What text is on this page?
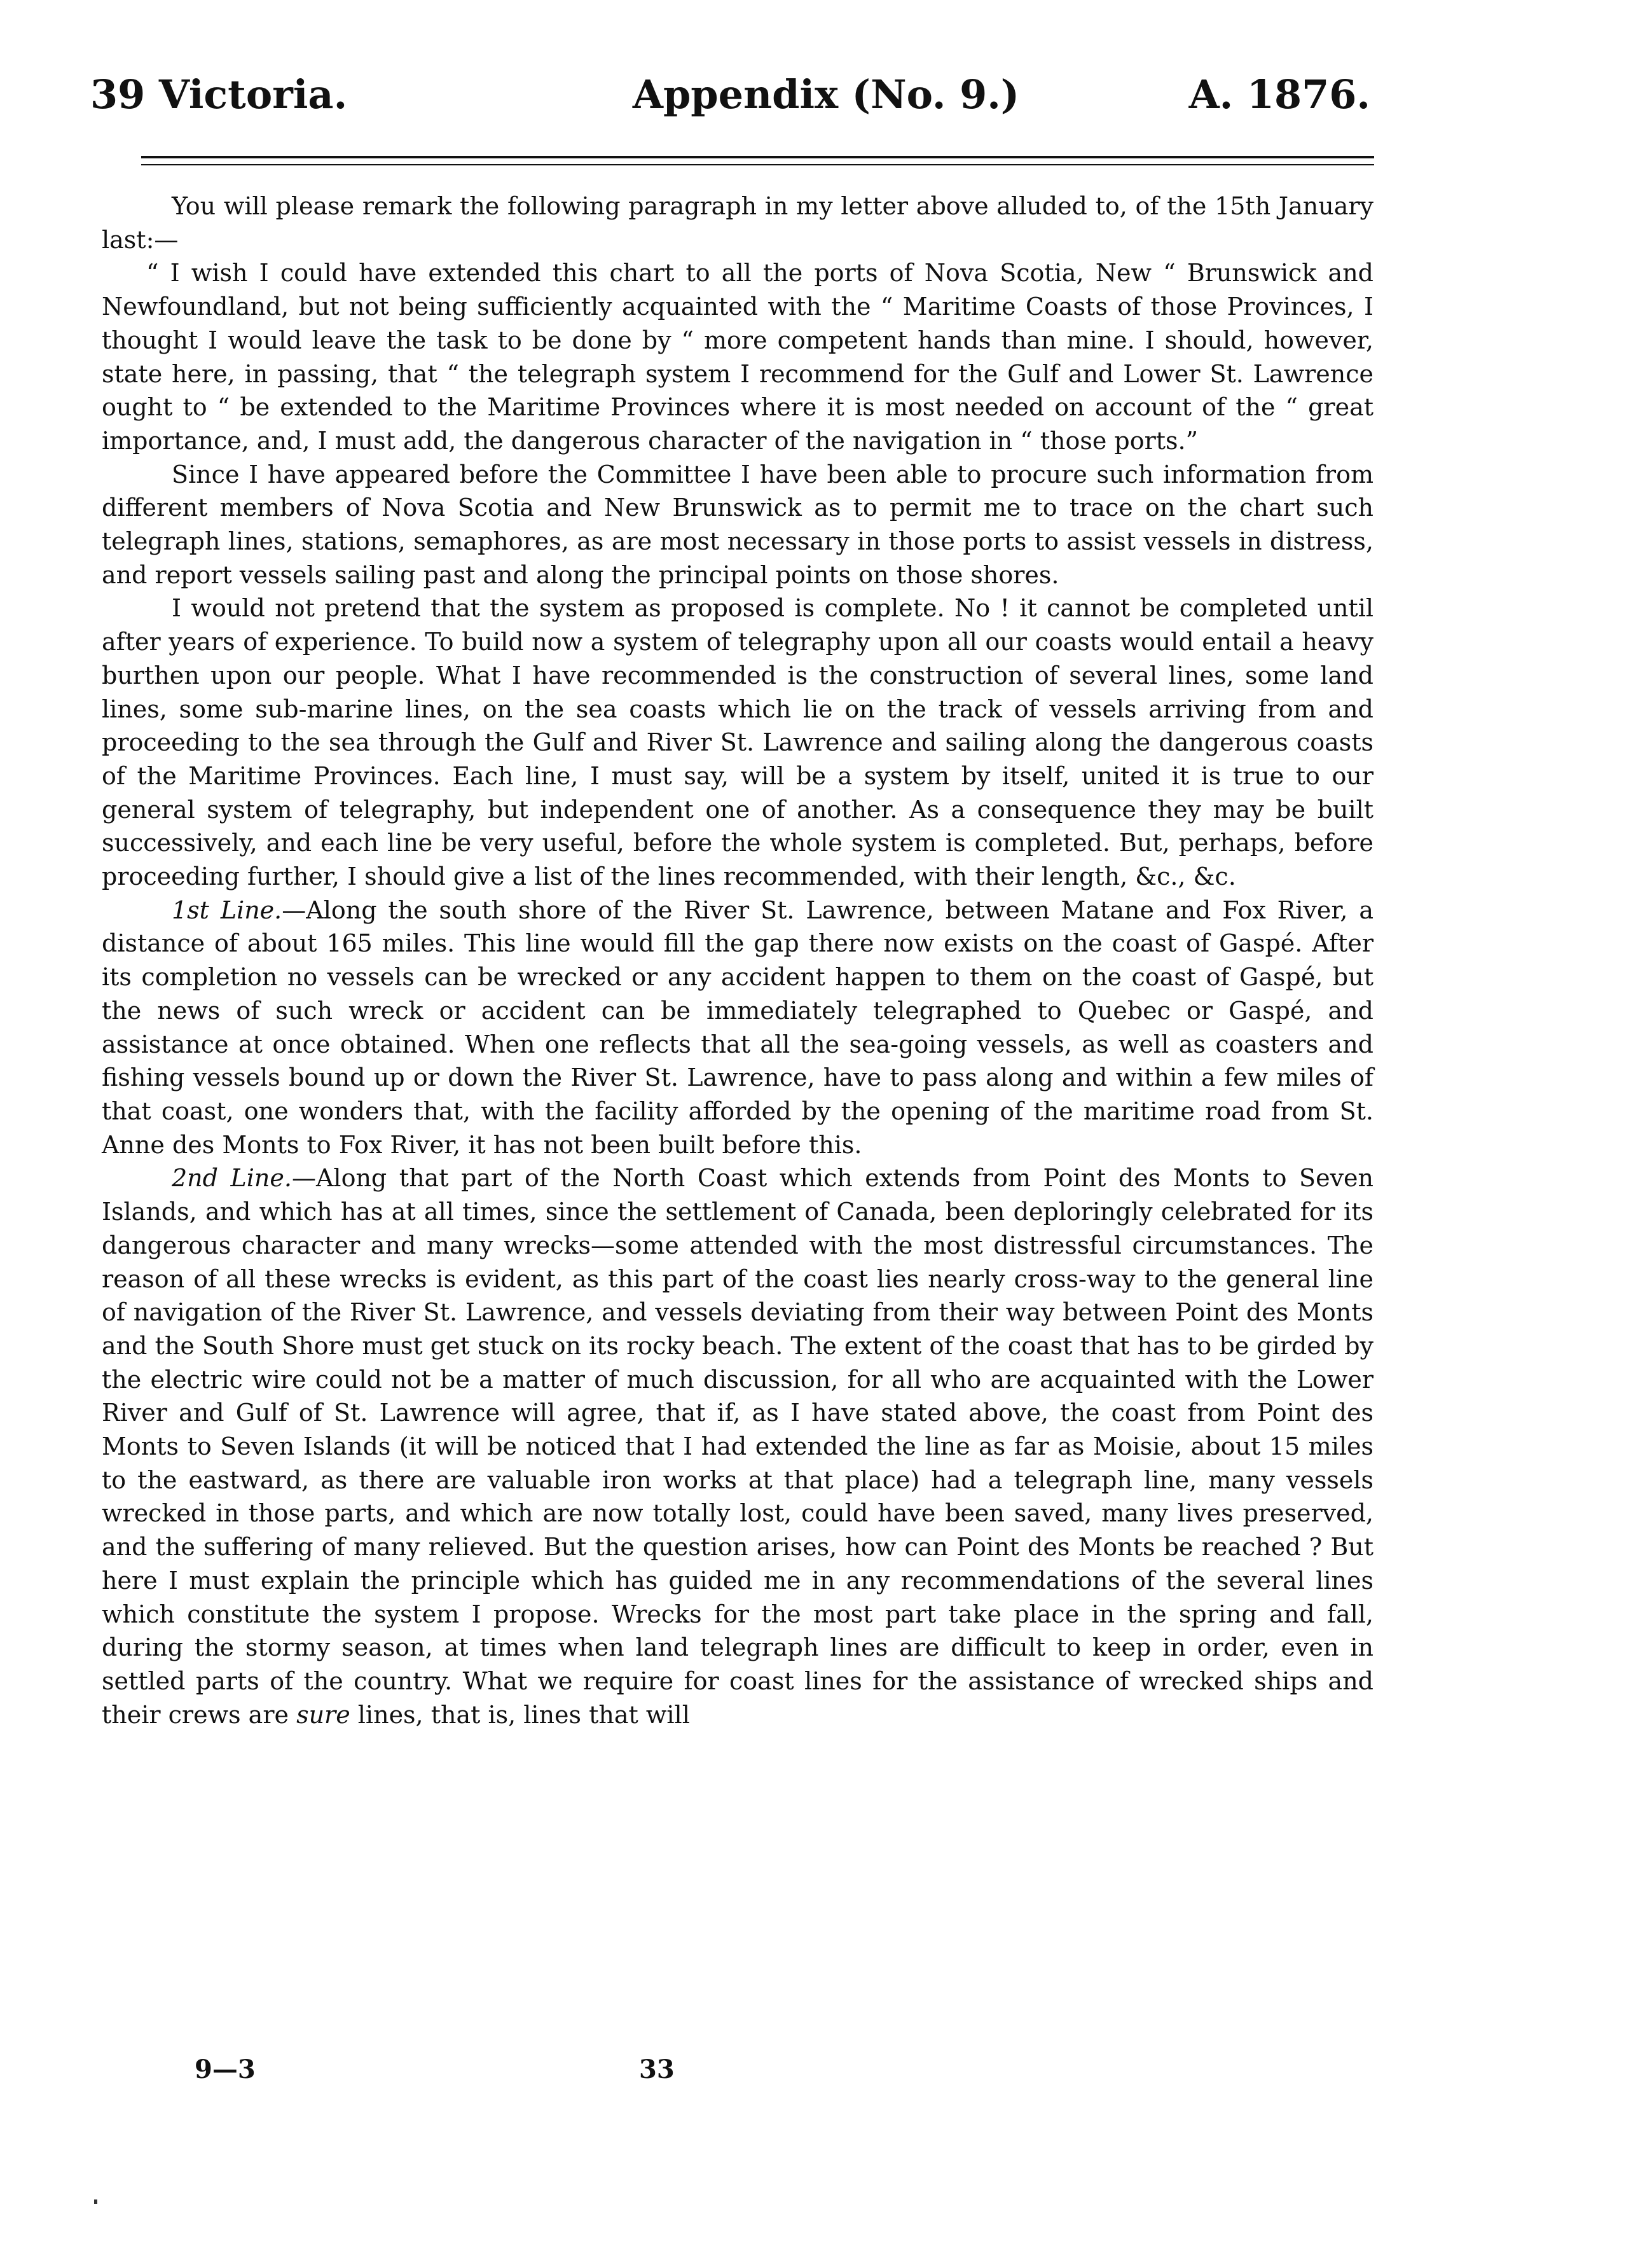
39 Victoria.	Appendix (No. 9.)	A. 1876.

You will please remark the following paragraph in my letter above alluded to, of the 15th January last:—

“ I wish I could have extended this chart to all the ports of Nova Scotia, New “ Brunswick and Newfoundland, but not being sufficiently acquainted with the “ Maritime Coasts of those Provinces, I thought I would leave the task to be done by “ more competent hands than mine. I should, however, state here, in passing, that “ the telegraph system I recommend for the Gulf and Lower St. Lawrence ought to “ be extended to the Maritime Provinces where it is most needed on account of the “ great importance, and, I must add, the dangerous character of the navigation in “ those ports.”

Since I have appeared before the Committee I have been able to procure such information from different members of Nova Scotia and New Brunswick as to permit me to trace on the chart such telegraph lines, stations, semaphores, as are most necessary in those ports to assist vessels in distress, and report vessels sailing past and along the principal points on those shores.

I would not pretend that the system as proposed is complete. No ! it cannot be completed until after years of experience. To build now a system of telegraphy upon all our coasts would entail a heavy burthen upon our people. What I have recommended is the construction of several lines, some land lines, some sub-marine lines, on the sea coasts which lie on the track of vessels arriving from and proceeding to the sea through the Gulf and River St. Lawrence and sailing along the dangerous coasts of the Maritime Provinces. Each line, I must say, will be a system by itself, united it is true to our general system of telegraphy, but independent one of another. As a consequence they may be built successively, and each line be very useful, before the whole system is completed. But, perhaps, before proceeding further, I should give a list of the lines recommended, with their length, &c., &c.

1st Line.—Along the south shore of the River St. Lawrence, between Matane and Fox River, a distance of about 165 miles. This line would fill the gap there now exists on the coast of Gaspé. After its completion no vessels can be wrecked or any accident happen to them on the coast of Gaspé, but the news of such wreck or accident can be immediately telegraphed to Quebec or Gaspé, and assistance at once obtained. When one reflects that all the sea-going vessels, as well as coasters and fishing vessels bound up or down the River St. Lawrence, have to pass along and within a few miles of that coast, one wonders that, with the facility afforded by the opening of the maritime road from St. Anne des Monts to Fox River, it has not been built before this.

2nd Line.—Along that part of the North Coast which extends from Point des Monts to Seven Islands, and which has at all times, since the settlement of Canada, been deploringly celebrated for its dangerous character and many wrecks—some attended with the most distressful circumstances. The reason of all these wrecks is evident, as this part of the coast lies nearly cross-way to the general line of navigation of the River St. Lawrence, and vessels deviating from their way between Point des Monts and the South Shore must get stuck on its rocky beach. The extent of the coast that has to be girded by the electric wire could not be a matter of much discussion, for all who are acquainted with the Lower River and Gulf of St. Lawrence will agree, that if, as I have stated above, the coast from Point des Monts to Seven Islands (it will be noticed that I had extended the line as far as Moisie, about 15 miles to the eastward, as there are valuable iron works at that place) had a telegraph line, many vessels wrecked in those parts, and which are now totally lost, could have been saved, many lives preserved, and the suffering of many relieved. But the question arises, how can Point des Monts be reached ? But here I must explain the principle which has guided me in any recommendations of the several lines which constitute the system I propose. Wrecks for the most part take place in the spring and fall, during the stormy season, at times when land telegraph lines are difficult to keep in order, even in settled parts of the country. What we require for coast lines for the assistance of wrecked ships and their crews are sure lines, that is, lines that will

9—3	33
